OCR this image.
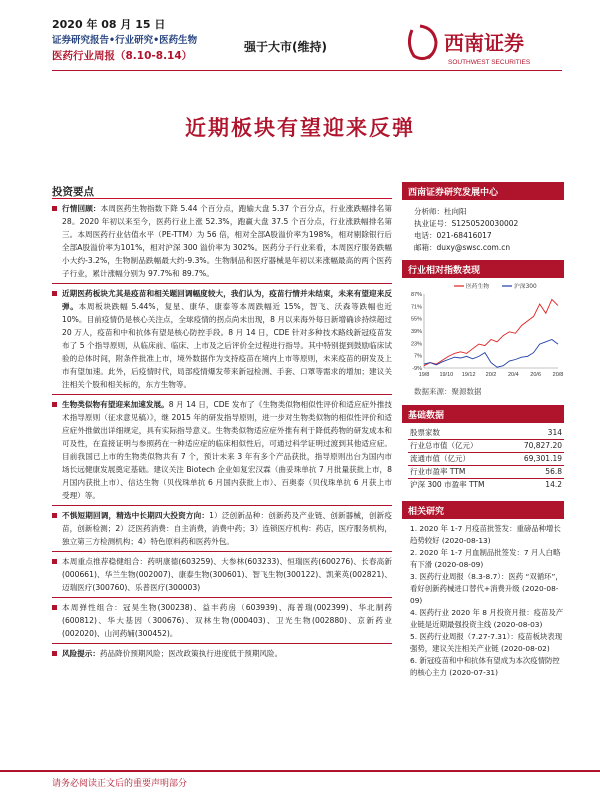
2020 年 08 月 15 日
证券研究报告•行业研究•医药生物
医药行业周报（8.10-8.14）
强于大市(维持)	西南证券
SOUTHWEST SECURITIES
近期板块有望迎来反弹
投资要点
行情回顾：本周医药生物指数下降 5.44 个百分点，跑输大盘 5.37 个百分点，行业涨跌幅排名第 28。2020 年初以来至今，医药行业上涨 52.3%，跑赢大盘 37.5 个百分点，行业涨跌幅排名第三。本周医药行业估值水平（PE-TTM）为 56 倍，相对全部A股溢价率为198%，相对剔除银行后全部A股溢价率为101%，相对沪深 300 溢价率为 302%。医药分子行业来看，本周医疗服务跌幅小大约-3.2%，生物制品跌幅最大约-9.3%。生物制品和医疗器械是年初以来涨幅最高的两个医药子行业，累计涨幅分别为 97.7%和 89.7%。
近期医药板块尤其是疫苗和相关题回调幅度较大，我们认为，疫苗行情并未结束，未来有望迎来反弹。本周板块跌幅 5.44%，复星、康华、康泰等本周跌幅近 15%，智飞、沃森等跌幅也近 10%。目前疫情仍是核心关注点，全球疫情的拐点尚未出现，8 月以来海外每日新增确诊持续超过 20 万人，疫苗和中和抗体有望是核心防控手段。8 月 14 日，CDE 针对多种技术路线新冠疫苗发布了 5 个指导原则，从临床前、临床、上市及之后评价全过程进行指导。其中特别提到鼓励临床试验的总体时间，附条件批准上市，境外数据作为支持疫苗在境内上市等原则，未来疫苗的研发及上市有望加速。此外，后疫情时代，局部疫情爆发带来新冠检测、手套、口罩等需求的增加；建议关注相关个股和相关标的，东方生物等。
生物类似物有望迎来加速发展。8 月 14 日，CDE 发布了《生物类似物相似性评价和适应症外推技术指导原则（征求意见稿）》，继 2015 年的研发指导原则，进一步对生物类似物的相似性评价和适应症外推做出详细规定，具有实际指导意义。生物类似物适应症外推有利于降低药物的研发成本和可及性，在直接证明与参照药在一种适应症的临床相似性后，可通过科学证明过渡到其他适应症。目前我国已上市的生物类似物共有 7 个，预计未来 3 年有多个产品获批，指导原则出台为国内市场长远健康发展奠定基础。建议关注 Biotech 企业如复宏汉霖（曲妥珠单抗 7 月批量获批上市，8 月国内获批上市）、信达生物（贝伐珠单抗 6 月国内获批上市）、百奥泰（贝伐珠单抗 6 月获上市受理）等。
不惧短期回调，精选中长期四大投资方向：1）泛创新品种：创新药及产业链、创新器械，创新疫苗，创新检测；2）泛医药消费：自主消费，消费中药；3）连锁医疗机构：药店，医疗服务机构，独立第三方检测机构；4）特色原料药和医药外包。
本周重点推荐稳健组合：药明康德(603259)、大参林(603233)、恒瑞医药(600276)、长春高新(000661)、华兰生物(002007)、康泰生物(300601)、智飞生物(300122)、凯莱英(002821)、迈瑞医疗(300760)、乐普医疗(300003)
本周弹性组合：冠昊生物(300238)、益丰药房（603939)、海普瑞(002399)、华北制药(600812)、华大基因（300676)、双林生物(000403)、卫光生物(002880)、京新药业(002020)、山河药辅(300452)。
风险提示：药品降价预期风险；医改政策执行进度低于预期风险。
西南证券研究发展中心
分析师：杜向阳
执业证号：S1250520030002
电话：021-68416017
邮箱：duxy@swsc.com.cn
行业相对指数表现
87%
71%
55%
39%
23%
7%
-9%
19/8 19/10 19/12 20/2 20/4 20/6 20/8
医药生物	沪深300
数据来源：聚源数据
基础数据
股票家数	314
行业总市值（亿元）	70,827.20
流通市值（亿元）	69,301.19
行业市盈率 TTM	56.8
沪深 300 市盈率 TTM	14.2
相关研究
1. 2020 年 1-7 月疫苗批签发：重磅品种增长趋势较好 (2020-08-13)
2. 2020 年 1-7 月血制品批签发：7 月人白略有下滑 (2020-08-09)
3. 医药行业周报（8.3-8.7）：医药 “双循环”，看好创新药械进口替代+消费升级 (2020-08-09)
4. 医药行业 2020 年 8 月投资月报：疫苗及产业链是近期最强投资主线 (2020-08-03)
5. 医药行业周报（7.27-7.31）：疫苗板块表现强势，建议关注相关产业链 (2020-08-02)
6. 新冠疫苗和中和抗体有望成为本次疫情防控的核心主力 (2020-07-31)
请务必阅读正文后的重要声明部分
